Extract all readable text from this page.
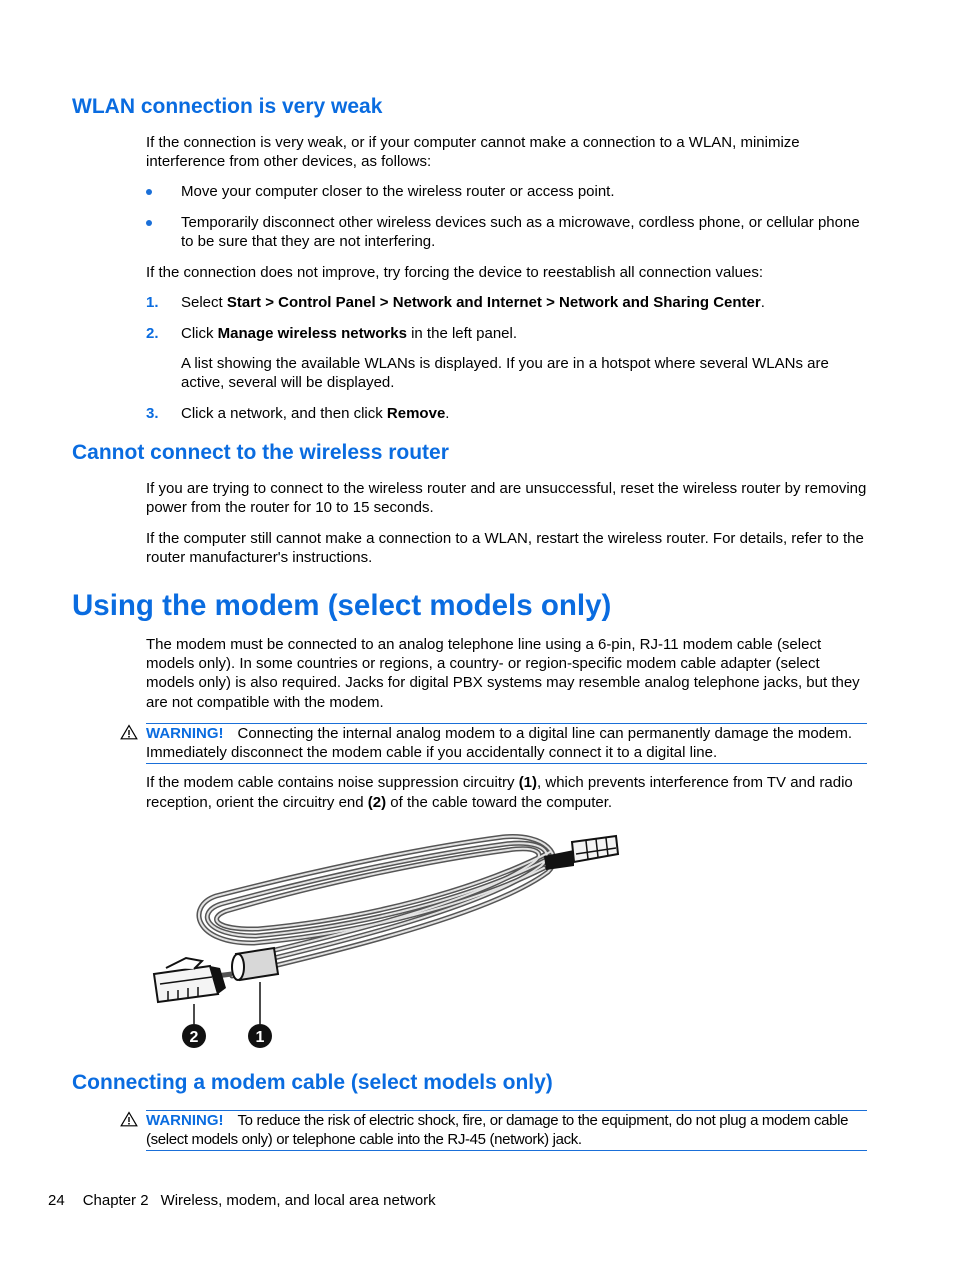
WLAN connection is very weak

If the connection is very weak, or if your computer cannot make a connection to a WLAN, minimize interference from other devices, as follows:

Move your computer closer to the wireless router or access point.
Temporarily disconnect other wireless devices such as a microwave, cordless phone, or cellular phone to be sure that they are not interfering.

If the connection does not improve, try forcing the device to reestablish all connection values:

1.	Select Start > Control Panel > Network and Internet > Network and Sharing Center.
2.	Click Manage wireless networks in the left panel.
A list showing the available WLANs is displayed. If you are in a hotspot where several WLANs are active, several will be displayed.
3.	Click a network, and then click Remove.
Cannot connect to the wireless router

If you are trying to connect to the wireless router and are unsuccessful, reset the wireless router by removing power from the router for 10 to 15 seconds.

If the computer still cannot make a connection to a WLAN, restart the wireless router. For details, refer to the router manufacturer's instructions.

Using the modem (select models only)

The modem must be connected to an analog telephone line using a 6-pin, RJ-11 modem cable (select models only). In some countries or regions, a country- or region-specific modem cable adapter (select models only) is also required. Jacks for digital PBX systems may resemble analog telephone jacks, but they are not compatible with the modem.

WARNING! Connecting the internal analog modem to a digital line can permanently damage the modem. Immediately disconnect the modem cable if you accidentally connect it to a digital line.

If the modem cable contains noise suppression circuitry (1), which prevents interference from TV and radio reception, orient the circuitry end (2) of the cable toward the computer.

2	1
Connecting a modem cable (select models only)
WARNING! To reduce the risk of electric shock, fire, or damage to the equipment, do not plug a modem cable (select models only) or telephone cable into the RJ-45 (network) jack.
24 Chapter 2 Wireless, modem, and local area network
